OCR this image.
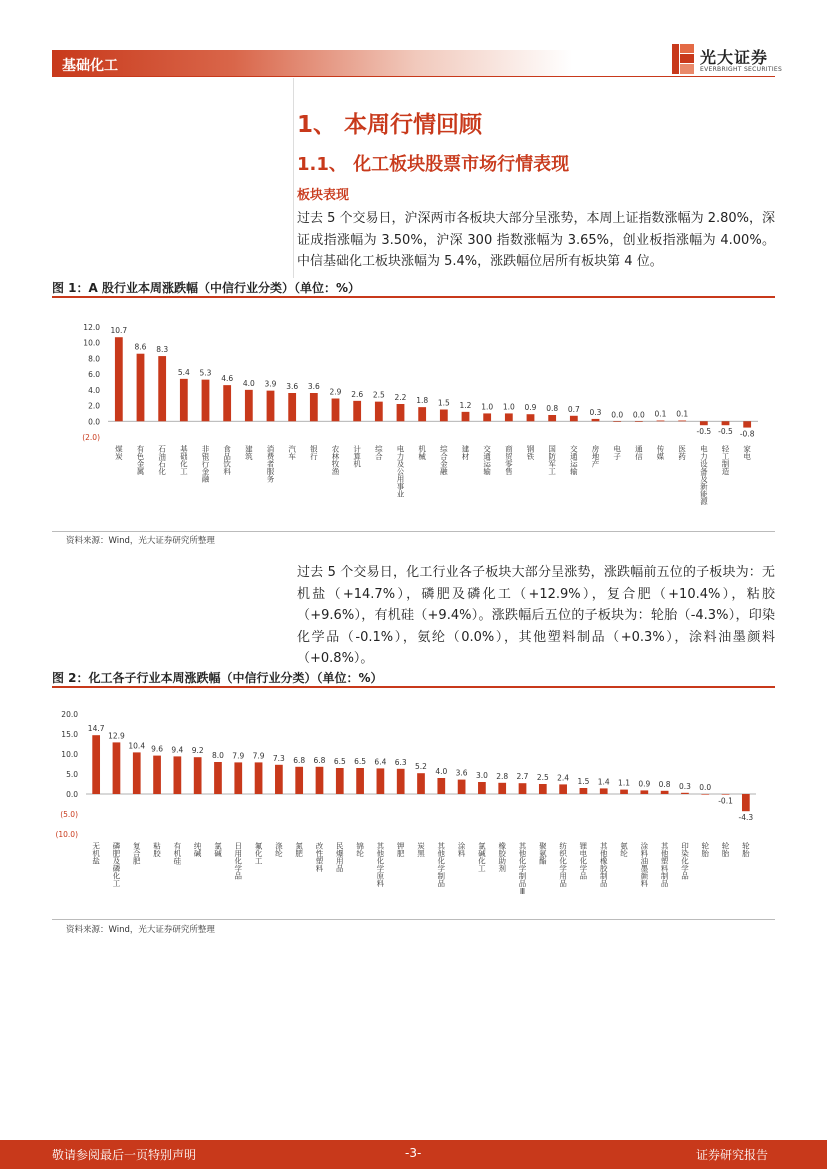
基础化工	光大证券
EVERBRIGHT SECURITIES
1、 本周行情回顾
1.1、 化工板块股票市场行情表现
板块表现
过去 5 个交易日，沪深两市各板块大部分呈涨势，本周上证指数涨幅为 2.80%，深证成指涨幅为 3.50%，沪深 300 指数涨幅为 3.65%，创业板指涨幅为 4.00%。中信基础化工板块涨幅为 5.4%，涨跌幅位居所有板块第 4 位。
图 1：A 股行业本周涨跌幅（中信行业分类）（单位：%）
12.0
10.0
8.0
6.0
4.0
2.0
0.0
(2.0)
10.7
煤炭
8.6
有色金属
8.3
石油石化
5.4
基础化工
5.3
非银行金融
4.6
食品饮料
4.0
建筑
3.9
消费者服务
3.6
汽车
3.6
银行
2.9
农林牧渔
2.6
计算机
2.5
综合
2.2
电力及公用事业
1.8
机械
1.5
综合金融
1.2
建材
1.0
交通运输
1.0
商贸零售
0.9
钢铁
0.8
国防军工
0.7
交通运输
0.3
房地产
0.0
电子
0.0
通信
0.1
传媒
0.1
医药
-0.5
电力设备及新能源
-0.5
轻工制造
-0.8
家电
资料来源：Wind，光大证券研究所整理
过去 5 个交易日，化工行业各子板块大部分呈涨势，涨跌幅前五位的子板块为：无机盐（+14.7%），磷肥及磷化工（+12.9%），复合肥（+10.4%），粘胶（+9.6%），有机硅（+9.4%）。涨跌幅后五位的子板块为：轮胎（-4.3%），印染化学品（-0.1%），氨纶（0.0%），其他塑料制品（+0.3%），涂料油墨颜料（+0.8%）。
图 2：化工各子行业本周涨跌幅（中信行业分类）（单位：%）
20.0
15.0
10.0
5.0
0.0
(5.0)
(10.0)
14.7
无机盐
12.9
磷肥及磷化工
10.4
复合肥
9.6
粘胶
9.4
有机硅
9.2
纯碱
8.0
氯碱
7.9
日用化学品
7.9
氟化工
7.3
涤纶
6.8
氮肥
6.8
改性塑料
6.5
民爆用品
6.5
锦纶
6.4
其他化学原料
6.3
钾肥
5.2
炭黑
4.0
其他化学制品
3.6
涂料
3.0
氯碱化工
2.8
橡胶助剂
2.7
其他化学制品Ⅲ
2.5
聚氨酯
2.4
纺织化学用品
1.5
锂电化学品
1.4
其他橡胶制品
1.1
氨纶
0.9
涂料油墨颜料
0.8
其他塑料制品
0.3
印染化学品
0.0
轮胎
-0.1
轮胎
-4.3
轮胎
资料来源：Wind，光大证券研究所整理
敬请参阅最后一页特别声明	-3-	证券研究报告
